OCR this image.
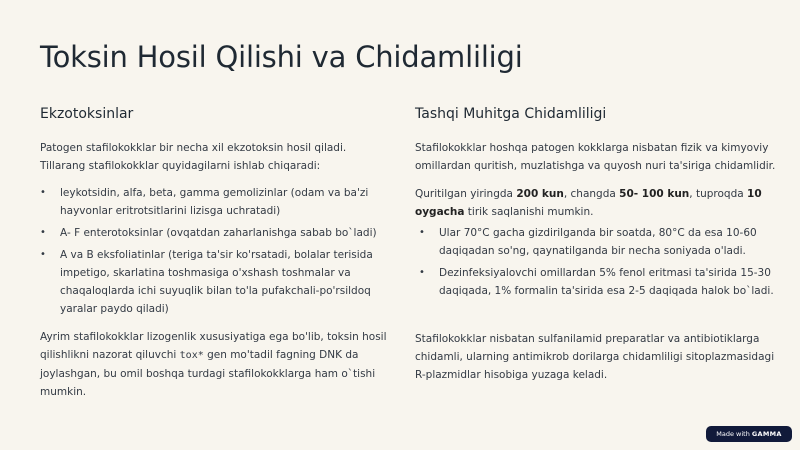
Toksin Hosil Qilishi va Chidamliligi
Ekzotoksinlar

Patogen stafilokokklar bir necha xil ekzotoksin hosil qiladi. Tillarang stafilokokklar quyidagilarni ishlab chiqaradi:

• leykotsidin, alfa, beta, gamma gemolizinlar (odam va ba'zi hayvonlar eritrotsitlarini lizisga uchratadi)
• A- F enterotoksinlar (ovqatdan zaharlanishga sabab bo`ladi)
• A va B eksfoliatinlar (teriga ta'sir ko'rsatadi, bolalar terisida impetigo, skarlatina toshmasiga o'xshash toshmalar va chaqaloqlarda ichi suyuqlik bilan to'la pufakchali-po'rsildoq yaralar paydo qiladi)

Ayrim stafilokokklar lizogenlik xususiyatiga ega bo'lib, toksin hosil qilishlikni nazorat qiluvchi tox* gen mo'tadil fagning DNK da joylashgan, bu omil boshqa turdagi stafilokokklarga ham o`tishi mumkin.

Tashqi Muhitga Chidamliligi

Stafilokokklar hoshqa patogen kokklarga nisbatan fizik va kimyoviy omillardan quritish, muzlatishga va quyosh nuri ta'siriga chidamlidir.

Quritilgan yiringda 200 kun, changda 50- 100 kun, tuproqda 10 oygacha tirik saqlanishi mumkin.

• Ular 70°C gacha gizdirilganda bir soatda, 80°C da esa 10-60 daqiqadan so'ng, qaynatilganda bir necha soniyada o'ladi.
• Dezinfeksiyalovchi omillardan 5% fenol eritmasi ta'sirida 15-30 daqiqada, 1% formalin ta'sirida esa 2-5 daqiqada halok bo`ladi.

Stafilokokklar nisbatan sulfanilamid preparatlar va antibiotiklarga chidamli, ularning antimikrob dorilarga chidamliligi sitoplazmasidagi R-plazmidlar hisobiga yuzaga keladi.

Made with GAMMA
